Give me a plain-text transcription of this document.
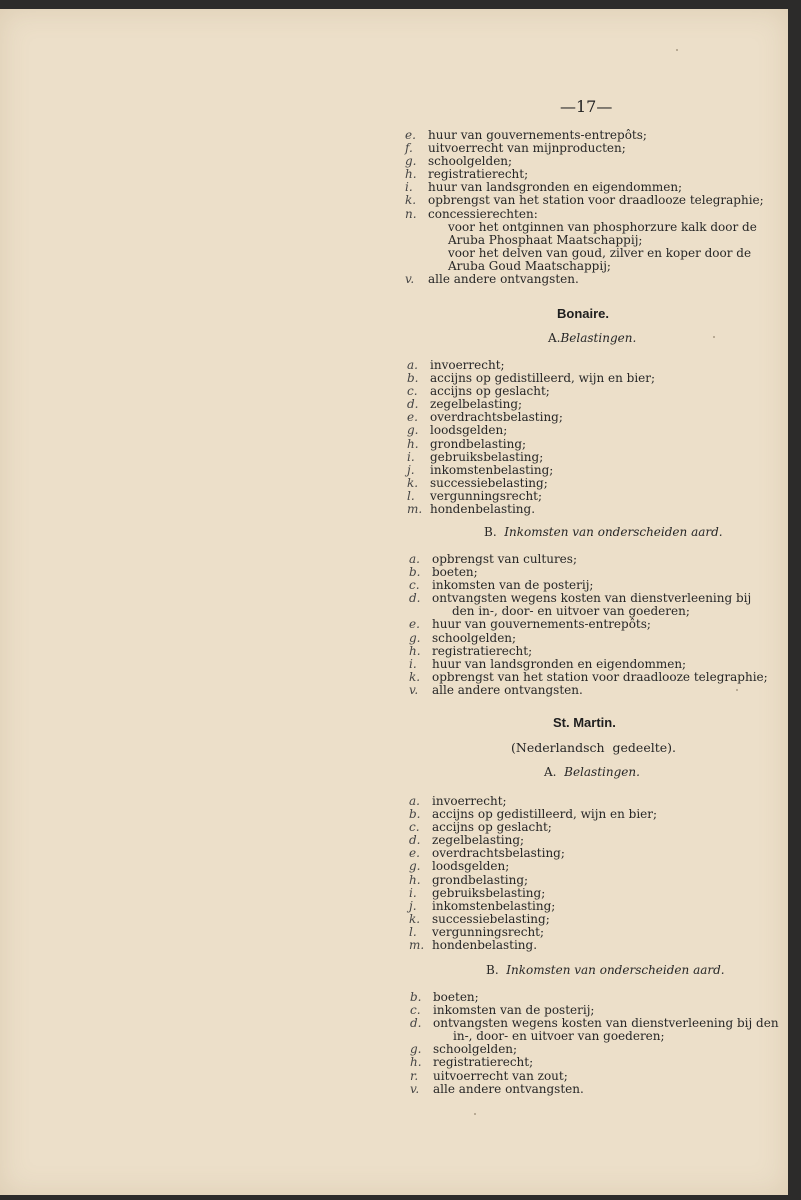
—17—
e. huur van gouvernements-entrepôts;
f. uitvoerrecht van mijnproducten;
g. schoolgelden;
h. registratierecht;
i. huur van landsgronden en eigendommen;
k. opbrengst van het station voor draadlooze telegraphie;
n. concessierechten:
voor het ontginnen van phosphorzure kalk door de
Aruba Phosphaat Maatschappij;
voor het delven van goud, zilver en koper door de
Aruba Goud Maatschappij;
v. alle andere ontvangsten.
Bonaire.
A.Belastingen.
a. invoerrecht;
b. accijns op gedistilleerd, wijn en bier;
c. accijns op geslacht;
d. zegelbelasting;
e. overdrachtsbelasting;
g. loodsgelden;
h. grondbelasting;
i. gebruiksbelasting;
j. inkomstenbelasting;
k. successiebelasting;
l. vergunningsrecht;
m. hondenbelasting.
B. Inkomsten van onderscheiden aard.
a. opbrengst van cultures;
b. boeten;
c. inkomsten van de posterij;
d. ontvangsten wegens kosten van dienstverleening bij
den in-, door- en uitvoer van goederen;
e. huur van gouvernements-entrepôts;
g. schoolgelden;
h. registratierecht;
i. huur van landsgronden en eigendommen;
k. opbrengst van het station voor draadlooze telegraphie;
v. alle andere ontvangsten.
St. Martin.
(Nederlandsch gedeelte).
A. Belastingen.
a. invoerrecht;
b. accijns op gedistilleerd, wijn en bier;
c. accijns op geslacht;
d. zegelbelasting;
e. overdrachtsbelasting;
g. loodsgelden;
h. grondbelasting;
i. gebruiksbelasting;
j. inkomstenbelasting;
k. successiebelasting;
l. vergunningsrecht;
m. hondenbelasting.
B. Inkomsten van onderscheiden aard.
b. boeten;
c. inkomsten van de posterij;
d. ontvangsten wegens kosten van dienstverleening bij den
in-, door- en uitvoer van goederen;
g. schoolgelden;
h. registratierecht;
r. uitvoerrecht van zout;
v. alle andere ontvangsten.
